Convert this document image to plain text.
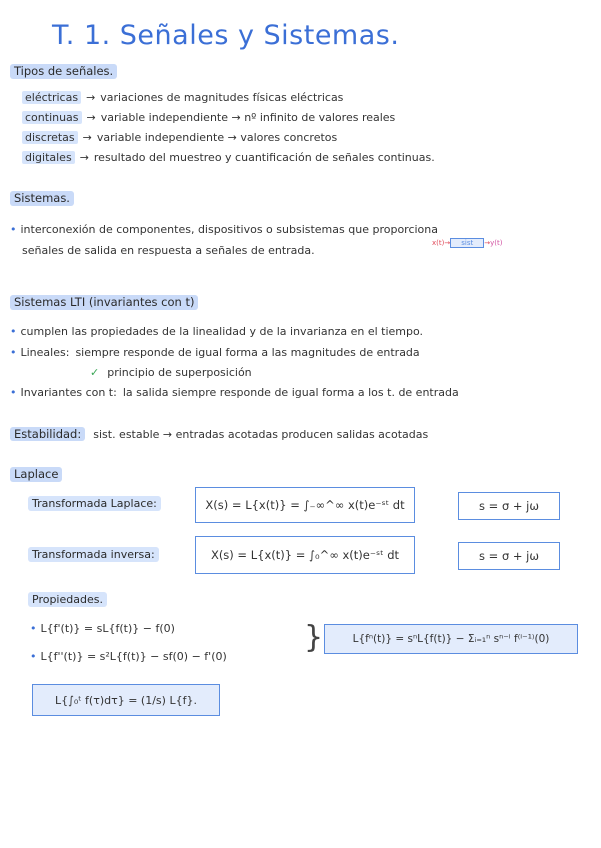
T. 1. Señales y Sistemas.
Tipos de señales.
eléctricas → variaciones de magnitudes físicas eléctricas
continuas → variable independiente → nº infinito de valores reales
discretas → variable independiente → valores concretos
digitales → resultado del muestreo y cuantificación de señales continuas.
Sistemas.
• interconexión de componentes, dispositivos o subsistemas que proporciona
señales de salida en respuesta a señales de entrada.
x(t) →	sist	→ y(t)
Sistemas LTI (invariantes con t)
• cumplen las propiedades de la linealidad y de la invarianza en el tiempo.
• Lineales: siempre responde de igual forma a las magnitudes de entrada
✓ principio de superposición
• Invariantes con t: la salida siempre responde de igual forma a los t. de entrada
Estabilidad: sist. estable → entradas acotadas producen salidas acotadas
Laplace
Transformada Laplace:	X(s) = L{x(t)} = ∫₋∞^∞ x(t)e⁻ˢᵗ dt	s = σ + jω
Transformada inversa:	X(s) = L{x(t)} = ∫₀^∞ x(t)e⁻ˢᵗ dt	s = σ + jω
Propiedades.
• L{f'(t)} = sL{f(t)} − f(0)
• L{f''(t)} = s²L{f(t)} − sf(0) − f'(0)
}	L{fⁿ(t)} = sⁿL{f(t)} − Σᵢ₌₁ⁿ sⁿ⁻ⁱ f⁽ⁱ⁻¹⁾(0)
L{∫₀ᵗ f(τ)dτ} = (1/s) L{f}.
